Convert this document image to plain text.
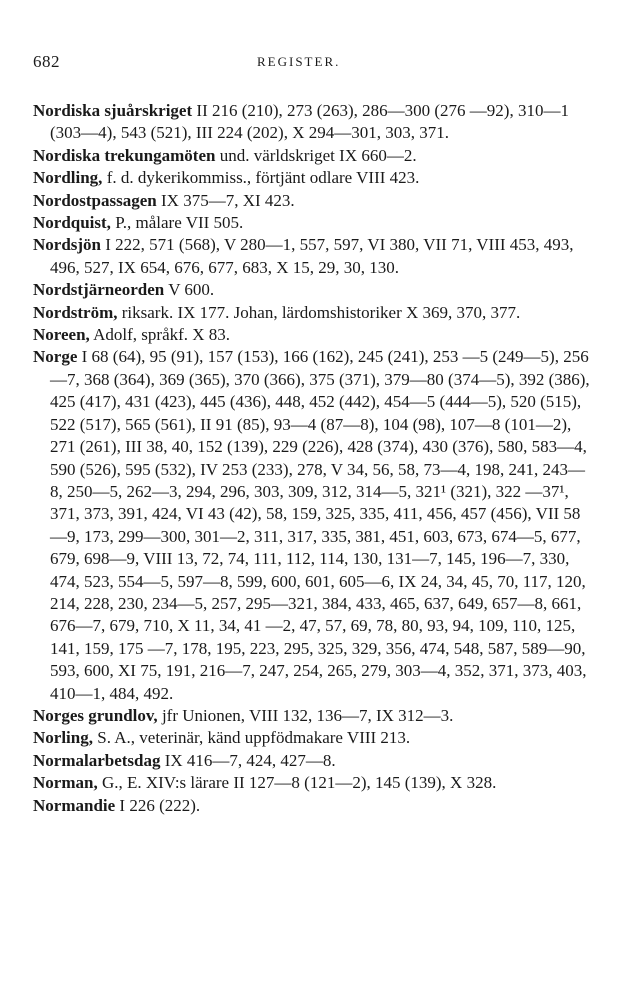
682	REGISTER.

Nordiska sjuårskriget II 216 (210), 273 (263), 286—300 (276 —92), 310—1 (303—4), 543 (521), III 224 (202), X 294—301, 303, 371.

Nordiska trekungamöten und. världskriget IX 660—2.

Nordling, f. d. dykerikommiss., förtjänt odlare VIII 423.

Nordostpassagen IX 375—7, XI 423.

Nordquist, P., målare VII 505.

Nordsjön I 222, 571 (568), V 280—1, 557, 597, VI 380, VII 71, VIII 453, 493, 496, 527, IX 654, 676, 677, 683, X 15, 29, 30, 130.

Nordstjärneorden V 600.

Nordström, riksark. IX 177. Johan, lärdomshistoriker X 369, 370, 377.

Noreen, Adolf, språkf. X 83.

Norge I 68 (64), 95 (91), 157 (153), 166 (162), 245 (241), 253 —5 (249—5), 256—7, 368 (364), 369 (365), 370 (366), 375 (371), 379—80 (374—5), 392 (386), 425 (417), 431 (423), 445 (436), 448, 452 (442), 454—5 (444—5), 520 (515), 522 (517), 565 (561), II 91 (85), 93—4 (87—8), 104 (98), 107—8 (101—2), 271 (261), III 38, 40, 152 (139), 229 (226), 428 (374), 430 (376), 580, 583—4, 590 (526), 595 (532), IV 253 (233), 278, V 34, 56, 58, 73—4, 198, 241, 243—8, 250—5, 262—3, 294, 296, 303, 309, 312, 314—5, 321¹ (321), 322 —37¹, 371, 373, 391, 424, VI 43 (42), 58, 159, 325, 335, 411, 456, 457 (456), VII 58—9, 173, 299—300, 301—2, 311, 317, 335, 381, 451, 603, 673, 674—5, 677, 679, 698—9, VIII 13, 72, 74, 111, 112, 114, 130, 131—7, 145, 196—7, 330, 474, 523, 554—5, 597—8, 599, 600, 601, 605—6, IX 24, 34, 45, 70, 117, 120, 214, 228, 230, 234—5, 257, 295—321, 384, 433, 465, 637, 649, 657—8, 661, 676—7, 679, 710, X 11, 34, 41 —2, 47, 57, 69, 78, 80, 93, 94, 109, 110, 125, 141, 159, 175 —7, 178, 195, 223, 295, 325, 329, 356, 474, 548, 587, 589—90, 593, 600, XI 75, 191, 216—7, 247, 254, 265, 279, 303—4, 352, 371, 373, 403, 410—1, 484, 492.

Norges grundlov, jfr Unionen, VIII 132, 136—7, IX 312—3.

Norling, S. A., veterinär, känd uppfödmakare VIII 213.

Normalarbetsdag IX 416—7, 424, 427—8.

Norman, G., E. XIV:s lärare II 127—8 (121—2), 145 (139), X 328.

Normandie I 226 (222).
